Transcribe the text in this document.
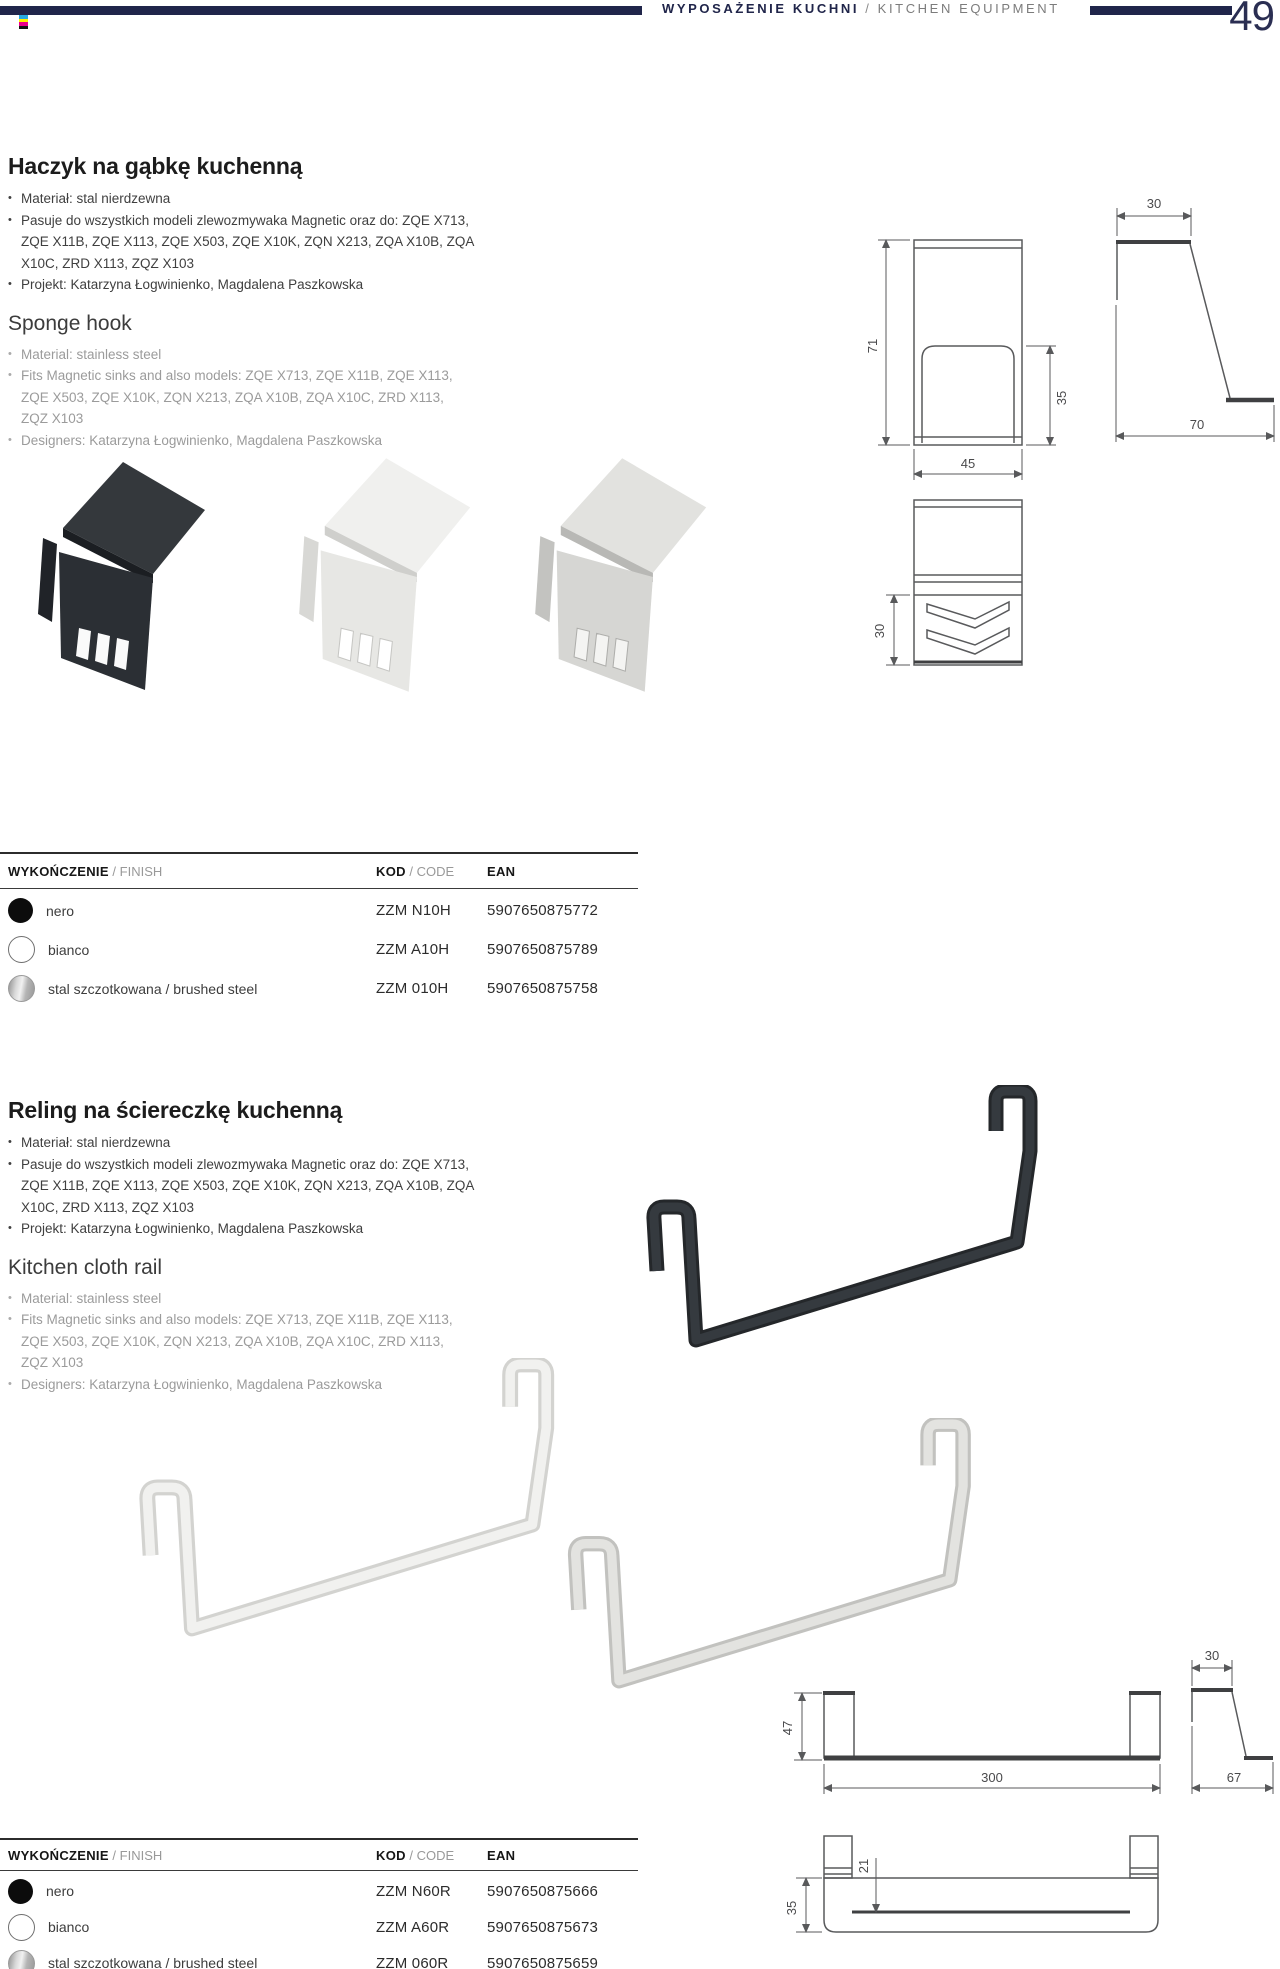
WYPOSAŻENIE KUCHNI / KITCHEN EQUIPMENT	49
Haczyk na gąbkę kuchenną
• Materiał: stal nierdzewna
• Pasuje do wszystkich modeli zlewozmywaka Magnetic oraz do: ZQE X713, ZQE X11B, ZQE X113, ZQE X503, ZQE X10K, ZQN X213, ZQA X10B, ZQA X10C, ZRD X113, ZQZ X103
• Projekt: Katarzyna Łogwinienko, Magdalena Paszkowska
Sponge hook
• Material: stainless steel
• Fits Magnetic sinks and also models: ZQE X713, ZQE X11B, ZQE X113, ZQE X503, ZQE X10K, ZQN X213, ZQA X10B, ZQA X10C, ZRD X113, ZQZ X103
• Designers: Katarzyna Łogwinienko, Magdalena Paszkowska
71
35
45
30
70
30
WYKOŃCZENIE / FINISH	KOD / CODE	EAN
nero	ZZM N10H	5907650875772
bianco	ZZM A10H	5907650875789
stal szczotkowana / brushed steel	ZZM 010H	5907650875758
Reling na ściereczkę kuchenną
• Materiał: stal nierdzewna
• Pasuje do wszystkich modeli zlewozmywaka Magnetic oraz do: ZQE X713, ZQE X11B, ZQE X113, ZQE X503, ZQE X10K, ZQN X213, ZQA X10B, ZQA X10C, ZRD X113, ZQZ X103
• Projekt: Katarzyna Łogwinienko, Magdalena Paszkowska
Kitchen cloth rail
• Material: stainless steel
• Fits Magnetic sinks and also models: ZQE X713, ZQE X11B, ZQE X113, ZQE X503, ZQE X10K, ZQN X213, ZQA X10B, ZQA X10C, ZRD X113, ZQZ X103
• Designers: Katarzyna Łogwinienko, Magdalena Paszkowska
47
300
30
67
21
35
WYKOŃCZENIE / FINISH	KOD / CODE	EAN
nero	ZZM N60R	5907650875666
bianco	ZZM A60R	5907650875673
stal szczotkowana / brushed steel	ZZM 060R	5907650875659
